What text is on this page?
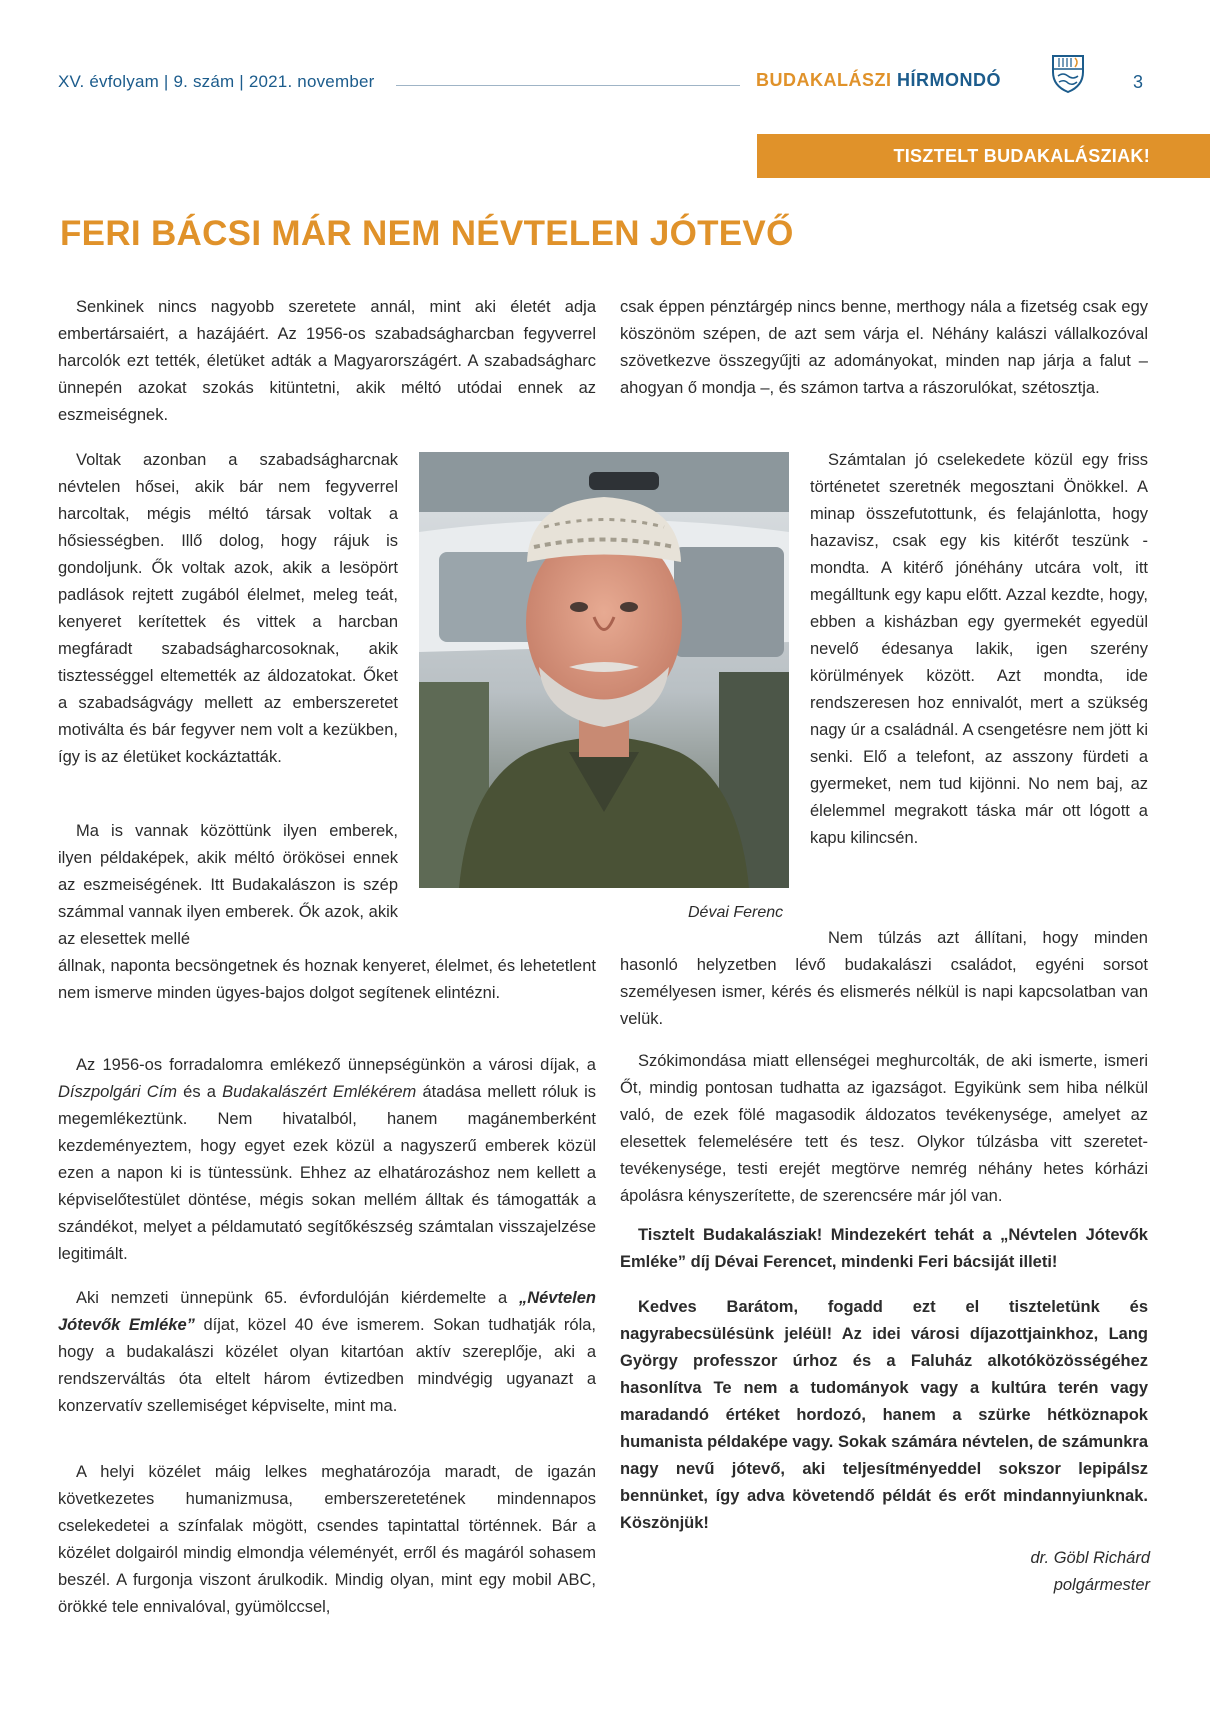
XV. évfolyam | 9. szám | 2021. november	BUDAKALÁSZI HÍRMONDÓ	3
TISZTELT BUDAKALÁSZIAK!
FERI BÁCSI MÁR NEM NÉVTELEN JÓTEVŐ

Senkinek nincs nagyobb szeretete annál, mint aki életét adja embertársaiért, a hazájáért. Az 1956-os szabadságharcban fegyverrel harcolók ezt tették, életüket adták a Magyarországért. A szabadságharc ünnepén azokat szokás kitüntetni, akik méltó utódai ennek az eszmeiségnek.

Voltak azonban a szabadságharcnak névtelen hősei, akik bár nem fegyverrel harcoltak, mégis méltó társak voltak a hősiességben. Illő dolog, hogy rájuk is gondoljunk. Ők voltak azok, akik a lesöpört padlások rejtett zugából élelmet, meleg teát, kenyeret kerítettek és vittek a harcban megfáradt szabadságharcosoknak, akik tisztességgel eltemették az áldozatokat. Őket a szabadságvágy mellett az emberszeretet motiválta és bár fegyver nem volt a kezükben, így is az életüket kockáztatták.

Ma is vannak közöttünk ilyen emberek, ilyen példaképek, akik méltó örökösei ennek az eszmeiségének. Itt Budakalászon is szép számmal vannak ilyen emberek. Ők azok, akik az elesettek mellé

állnak, naponta becsöngetnek és hoznak kenyeret, élelmet, és lehetetlent nem ismerve minden ügyes-bajos dolgot segítenek elintézni.

Az 1956-os forradalomra emlékező ünnepségünkön a városi díjak, a Díszpolgári Cím és a Budakalászért Emlékérem átadása mellett róluk is megemlékeztünk. Nem hivatalból, hanem magánemberként kezdeményeztem, hogy egyet ezek közül a nagyszerű emberek közül ezen a napon ki is tüntessünk. Ehhez az elhatározáshoz nem kellett a képviselőtestület döntése, mégis sokan mellém álltak és támogatták a szándékot, melyet a példamutató segítőkészség számtalan visszajelzése legitimált.

Aki nemzeti ünnepünk 65. évfordulóján kiérdemelte a „Névtelen Jótevők Emléke” díjat, közel 40 éve ismerem. Sokan tudhatják róla, hogy a budakalászi közélet olyan kitartóan aktív szereplője, aki a rendszerváltás óta eltelt három évtizedben mindvégig ugyanazt a konzervatív szellemiséget képviselte, mint ma.

A helyi közélet máig lelkes meghatározója maradt, de igazán következetes humanizmusa, emberszeretetének mindennapos cselekedetei a színfalak mögött, csendes tapintattal történnek. Bár a közélet dolgairól mindig elmondja véleményét, erről és magáról sohasem beszél. A furgonja viszont árulkodik. Mindig olyan, mint egy mobil ABC, örökké tele ennivalóval, gyümölccsel,

Dévai Ferenc

csak éppen pénztárgép nincs benne, merthogy nála a fizetség csak egy köszönöm szépen, de azt sem várja el. Néhány kalászi vállalkozóval szövetkezve összegyűjti az adományokat, minden nap járja a falut – ahogyan ő mondja –, és számon tartva a rászorulókat, szétosztja.

Számtalan jó cselekedete közül egy friss történetet szeretnék megosztani Önökkel. A minap összefutottunk, és felajánlotta, hogy hazavisz, csak egy kis kitérőt teszünk - mondta. A kitérő jónéhány utcára volt, itt megálltunk egy kapu előtt. Azzal kezdte, hogy, ebben a kisházban egy gyermekét egyedül nevelő édesanya lakik, igen szerény körülmények között. Azt mondta, ide rendszeresen hoz ennivalót, mert a szükség nagy úr a családnál. A csengetésre nem jött ki senki. Elő a telefont, az asszony fürdeti a gyermeket, nem tud kijönni. No nem baj, az élelemmel megrakott táska már ott lógott a kapu kilincsén.

Nem túlzás azt állítani, hogy minden hasonló helyzetben lévő budakalászi családot, egyéni sorsot személyesen ismer, kérés és elismerés nélkül is napi kapcsolatban van velük.

Szókimondása miatt ellenségei meghurcolták, de aki ismerte, ismeri Őt, mindig pontosan tudhatta az igazságot. Egyikünk sem hiba nélkül való, de ezek fölé magasodik áldozatos tevékenysége, amelyet az elesettek felemelésére tett és tesz. Olykor túlzásba vitt szeretet-tevékenysége, testi erejét megtörve nemrég néhány hetes kórházi ápolásra kényszerítette, de szerencsére már jól van.

Tisztelt Budakalásziak! Mindezekért tehát a „Névtelen Jótevők Emléke” díj Dévai Ferencet, mindenki Feri bácsiját illeti!

Kedves Barátom, fogadd ezt el tiszteletünk és nagyrabecsülésünk jeléül! Az idei városi díjazottjainkhoz, Lang György professzor úrhoz és a Faluház alkotóközösségéhez hasonlítva Te nem a tudományok vagy a kultúra terén vagy maradandó értéket hordozó, hanem a szürke hétköznapok humanista példaképe vagy. Sokak számára névtelen, de számunkra nagy nevű jótevő, aki teljesítményeddel sokszor lepipálsz bennünket, így adva követendő példát és erőt mindannyiunknak. Köszönjük!

dr. Göbl Richárd
polgármester
